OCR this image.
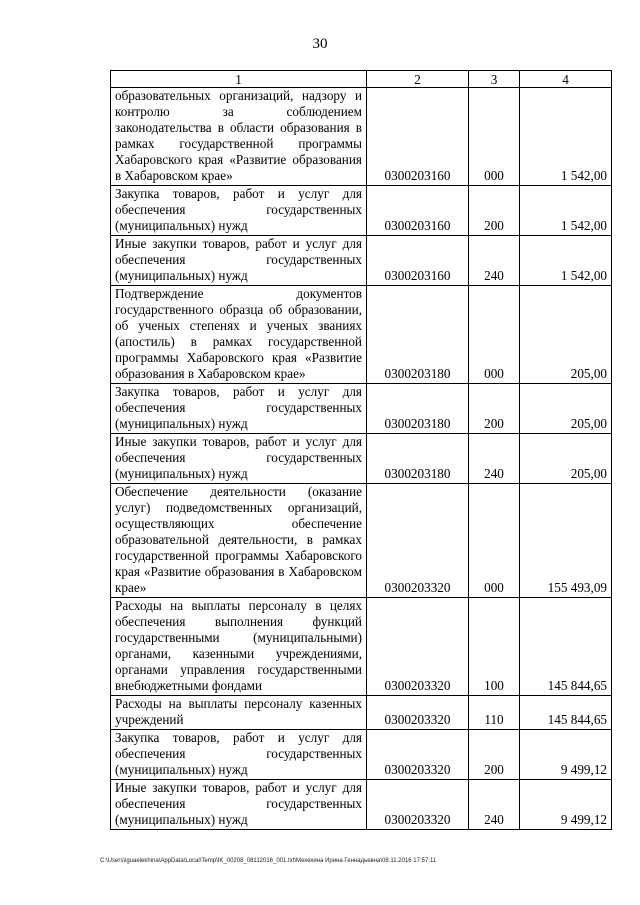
30
1	2	3	4
образовательных организаций, надзору и контролю за соблюдением законодательства в области образования в рамках государственной программы Хабаровского края «Развитие образования в Хабаровском крае»	0300203160	000	1 542,00
Закупка товаров, работ и услуг для обеспечения государственных (муниципальных) нужд	0300203160	200	1 542,00
Иные закупки товаров, работ и услуг для обеспечения государственных (муниципальных) нужд	0300203160	240	1 542,00
Подтверждение документов государственного образца об образовании, об ученых степенях и ученых званиях (апостиль) в рамках государственной программы Хабаровского края «Развитие образования в Хабаровском крае»	0300203180	000	205,00
Закупка товаров, работ и услуг для обеспечения государственных (муниципальных) нужд	0300203180	200	205,00
Иные закупки товаров, работ и услуг для обеспечения государственных (муниципальных) нужд	0300203180	240	205,00
Обеспечение деятельности (оказание услуг) подведомственных организаций, осуществляющих обеспечение образовательной деятельности, в рамках государственной программы Хабаровского края «Развитие образования в Хабаровском крае»	0300203320	000	155 493,09
Расходы на выплаты персоналу в целях обеспечения выполнения функций государственными (муниципальными) органами, казенными учреждениями, органами управления государственными внебюджетными фондами	0300203320	100	145 844,65
Расходы на выплаты персоналу казенных учреждений	0300203320	110	145 844,65
Закупка товаров, работ и услуг для обеспечения государственных (муниципальных) нужд	0300203320	200	9 499,12
Иные закупки товаров, работ и услуг для обеспечения государственных (муниципальных) нужд	0300203320	240	9 499,12
C:\Users\iguaelekhina\AppData\Local\Temp\IK_00208_08112016_001.txt\Мехехина Ирина Геннадьевна\08.11.2016 17:57:11
